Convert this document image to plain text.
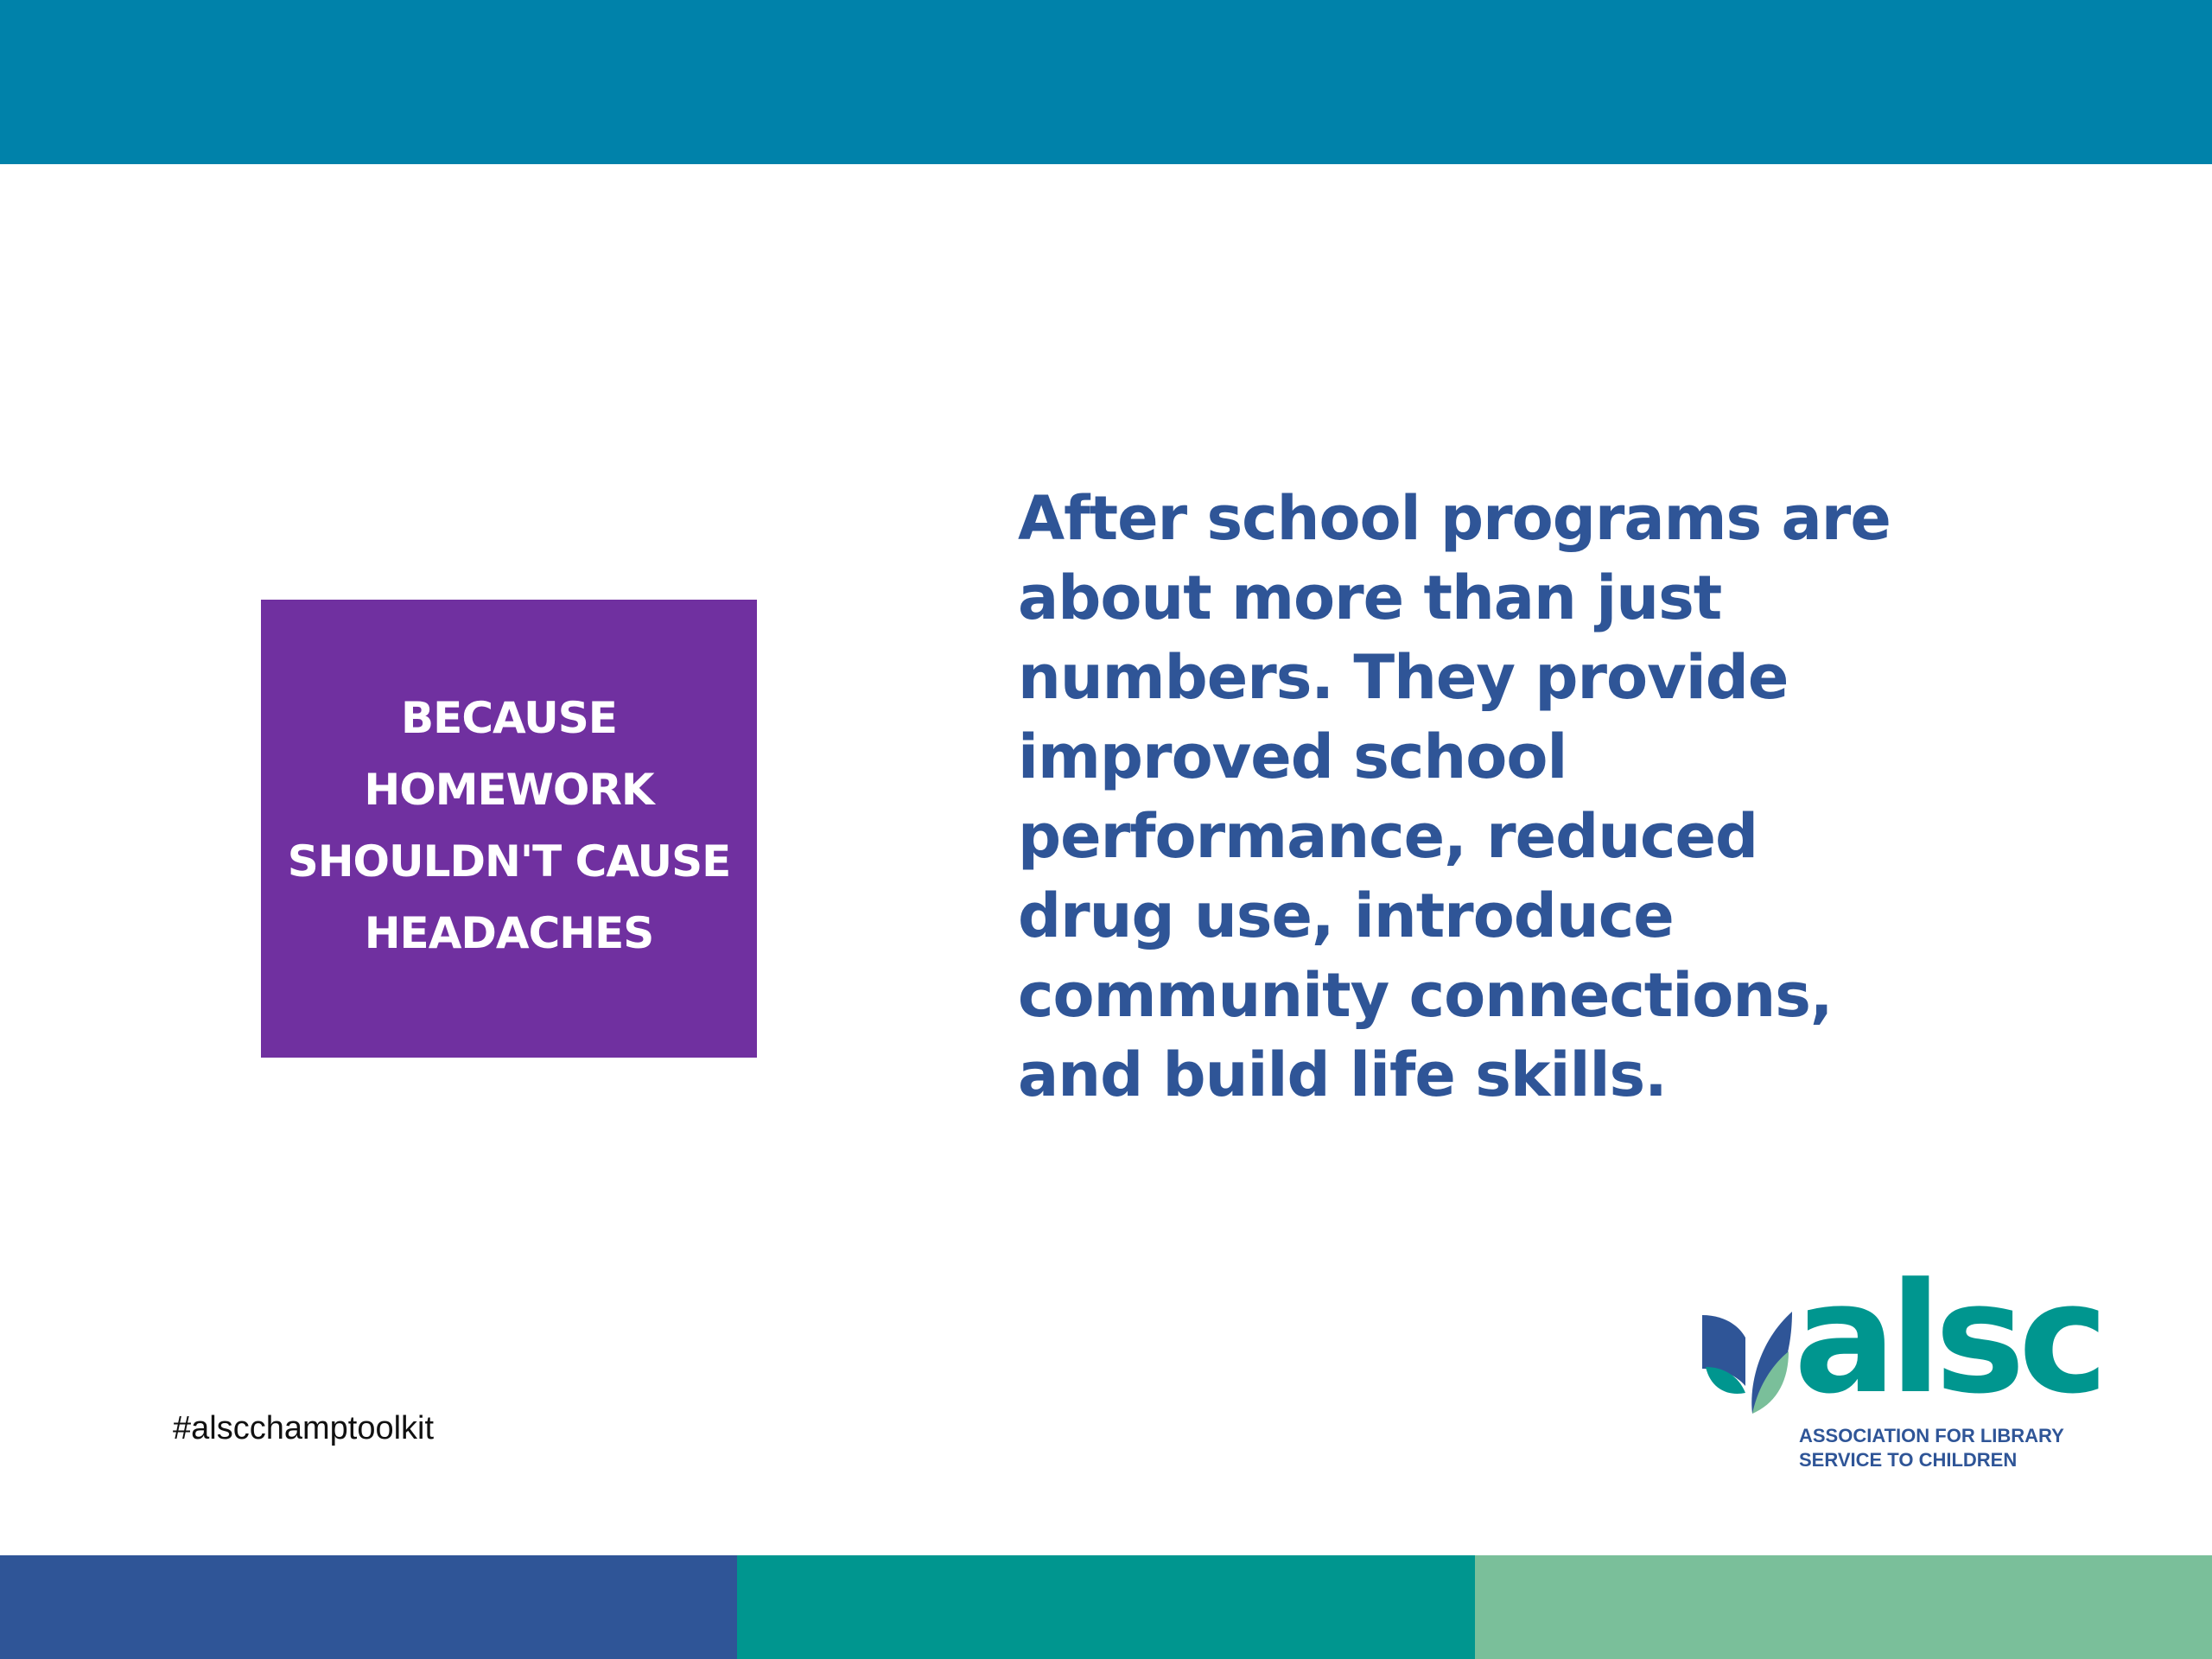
BECAUSE HOMEWORK SHOULDN'T CAUSE HEADACHES

After school programs are about more than just numbers. They provide improved school performance, reduced drug use, introduce community connections, and build life skills.

#alscchamptoolkit
alsc
ASSOCIATION FOR LIBRARY
SERVICE TO CHILDREN
